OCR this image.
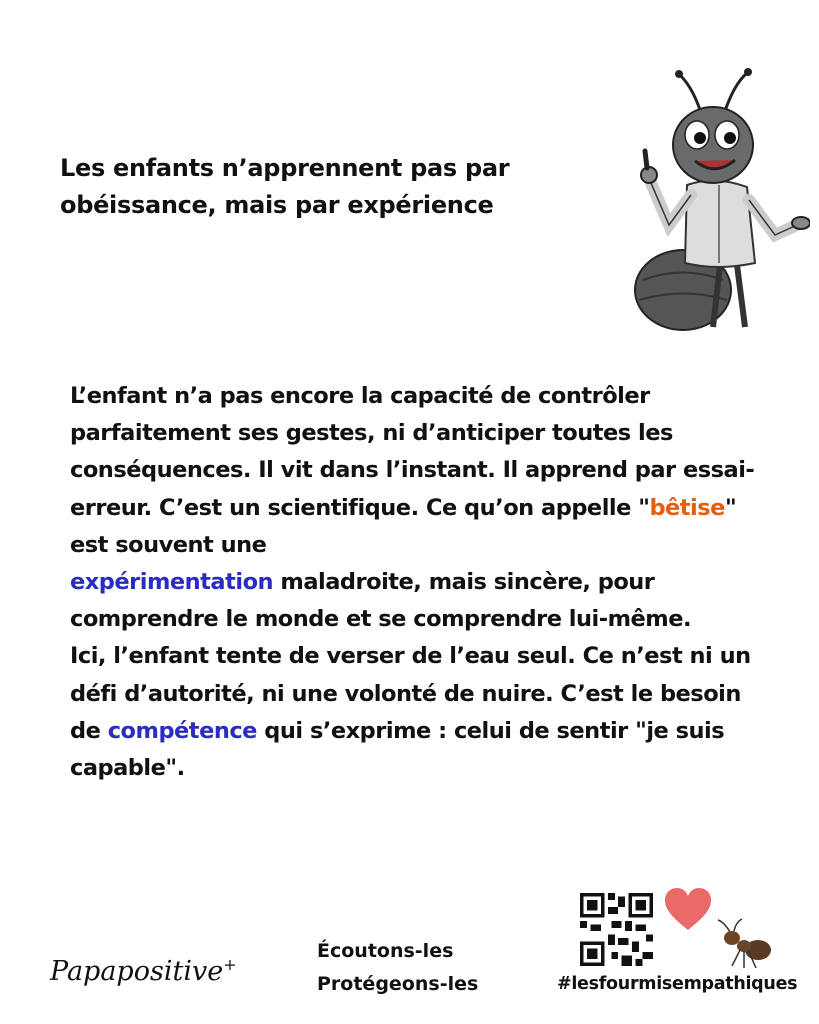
Les enfants n’apprennent pas par obéissance, mais par expérience

L’enfant n’a pas encore la capacité de contrôler parfaitement ses gestes, ni d’anticiper toutes les conséquences. Il vit dans l’instant. Il apprend par essai-erreur. C’est un scientifique. Ce qu’on appelle "bêtise" est souvent une
expérimentation maladroite, mais sincère, pour comprendre le monde et se comprendre lui-même.
Ici, l’enfant tente de verser de l’eau seul. Ce n’est ni un défi d’autorité, ni une volonté de nuire. C’est le besoin de compétence qui s’exprime : celui de sentir "je suis capable".

Papapositive+
Écoutons-les
Protégeons-les	#lesfourmisempathiques
